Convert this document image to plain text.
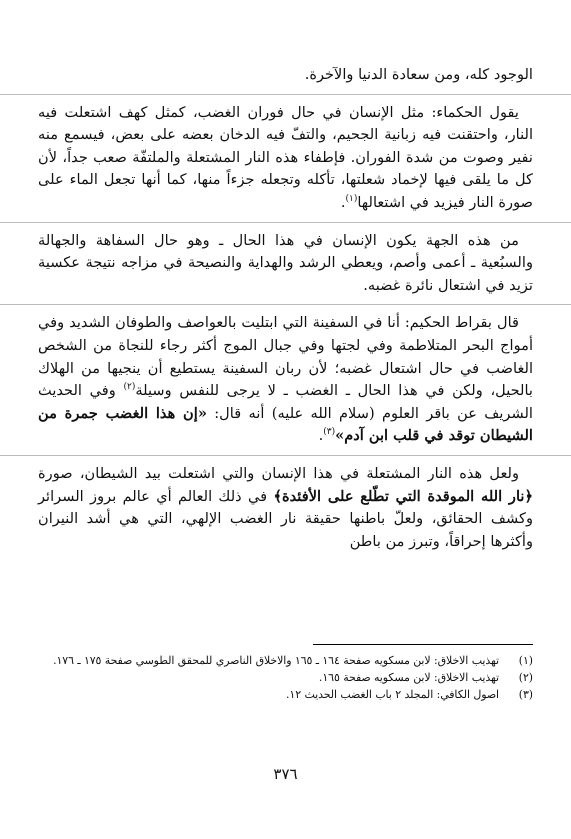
الوجود كله، ومن سعادة الدنيا والآخرة.

يقول الحكماء: مثل الإنسان في حال فوران الغضب، كمثل كهف اشتعلت فيه النار، واحتقنت فيه زبانية الجحيم، والتفّ فيه الدخان بعضه على بعض، فيسمع منه نفير وصوت من شدة الفوران. فإطفاء هذه النار المشتعلة والملتفّة صعب جداً، لأن كل ما يلقى فيها لإخماد شعلتها، تأكله وتجعله جزءاً منها، كما أنها تجعل الماء على صورة النار فيزيد في اشتعالها$^{(١)}$.

من هذه الجهة يكون الإنسان في هذا الحال ـ وهو حال السفاهة والجهالة والسبُعية ـ أعمى وأصم، ويعطي الرشد والهداية والنصيحة في مزاجه نتيجة عكسية تزيد في اشتعال نائرة غضبه.

قال بقراط الحكيم: أنا في السفينة التي ابتليت بالعواصف والطوفان الشديد وفي أمواج البحر المتلاطمة وفي لجتها وفي جبال الموج أكثر رجاء للنجاة من الشخص الغاضب في حال اشتعال غضبه؛ لأن ربان السفينة يستطيع أن ينجيها من الهلاك بالحيل، ولكن في هذا الحال ـ الغضب ـ لا يرجى للنفس وسيلة$^{(٢)}$ وفي الحديث الشريف عن باقر العلوم (سلام الله عليه) أنه قال: «إن هذا الغضب جمرة من الشيطان توقد في قلب ابن آدم»$^{(٣)}$.

ولعل هذه النار المشتعلة في هذا الإنسان والتي اشتعلت بيد الشيطان، صورة ﴿نار الله الموقدة التي تطّلع على الأفئدة﴾ في ذلك العالم أي عالم بروز السرائر وكشف الحقائق، ولعلّ باطنها حقيقة نار الغضب الإلهي، التي هي أشد النيران وأكثرها إحراقاً، وتبرز من باطن

(١)
تهذيب الاخلاق: لابن مسكويه صفحة ١٦٤ ـ ١٦٥ والاخلاق الناصري للمحقق الطوسي صفحة ١٧٥ ـ ١٧٦.
(٢)
تهذيب الاخلاق: لابن مسكويه صفحة ١٦٥.
(٣)
اصول الكافي: المجلد ٢ باب الغضب الحديث ١٢.
٣٧٦
